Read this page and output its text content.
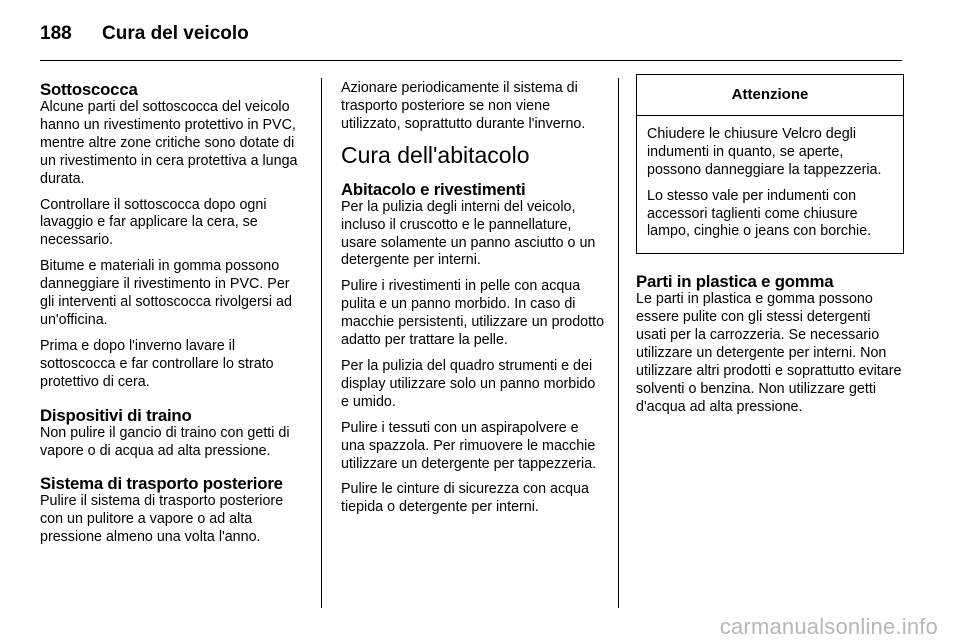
188	Cura del veicolo
Sottoscocca

Alcune parti del sottoscocca del veicolo hanno un rivestimento protettivo in PVC, mentre altre zone critiche sono dotate di un rivestimento in cera protettiva a lunga durata.

Controllare il sottoscocca dopo ogni lavaggio e far applicare la cera, se necessario.

Bitume e materiali in gomma possono danneggiare il rivestimento in PVC. Per gli interventi al sottoscocca rivolgersi ad un'officina.

Prima e dopo l'inverno lavare il sottoscocca e far controllare lo strato protettivo di cera.

Dispositivi di traino

Non pulire il gancio di traino con getti di vapore o di acqua ad alta pressione.

Sistema di trasporto posteriore

Pulire il sistema di trasporto posteriore con un pulitore a vapore o ad alta pressione almeno una volta l'anno.

Azionare periodicamente il sistema di trasporto posteriore se non viene utilizzato, soprattutto durante l'inverno.

Cura dell'abitacolo
Abitacolo e rivestimenti

Per la pulizia degli interni del veicolo, incluso il cruscotto e le pannellature, usare solamente un panno asciutto o un detergente per interni.

Pulire i rivestimenti in pelle con acqua pulita e un panno morbido. In caso di macchie persistenti, utilizzare un prodotto adatto per trattare la pelle.

Per la pulizia del quadro strumenti e dei display utilizzare solo un panno morbido e umido.

Pulire i tessuti con un aspirapolvere e una spazzola. Per rimuovere le macchie utilizzare un detergente per tappezzeria.

Pulire le cinture di sicurezza con acqua tiepida o detergente per interni.

Attenzione

Chiudere le chiusure Velcro degli indumenti in quanto, se aperte, possono danneggiare la tappezzeria.

Lo stesso vale per indumenti con accessori taglienti come chiusure lampo, cinghie o jeans con borchie.

Parti in plastica e gomma

Le parti in plastica e gomma possono essere pulite con gli stessi detergenti usati per la carrozzeria. Se necessario utilizzare un detergente per interni. Non utilizzare altri prodotti e soprattutto evitare solventi o benzina. Non utilizzare getti d'acqua ad alta pressione.

carmanualsonline.info
